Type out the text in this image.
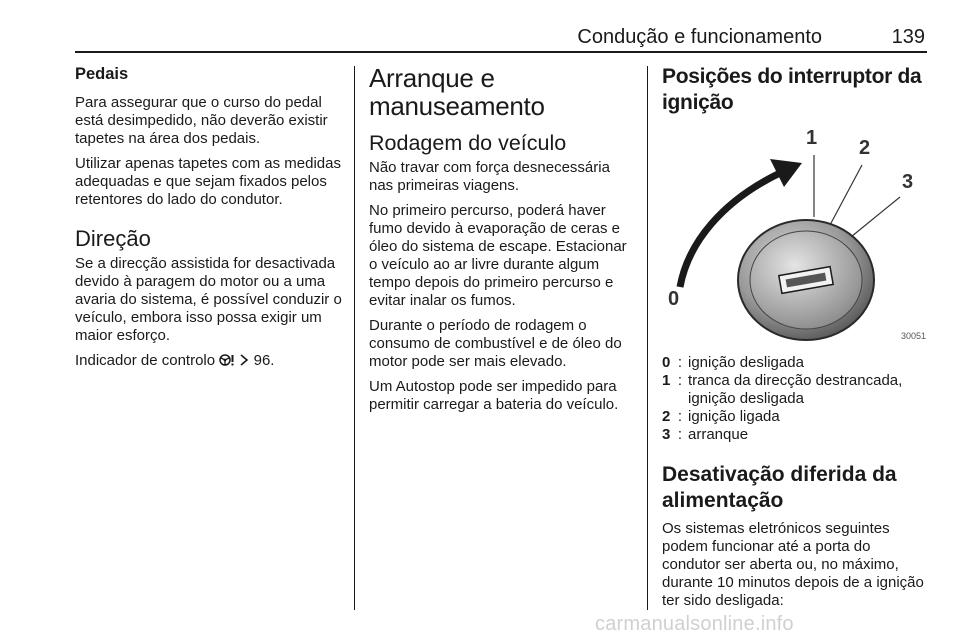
Condução e funcionamento	139
Pedais

Para assegurar que o curso do pedal está desimpedido, não deverão existir tapetes na área dos pedais.

Utilizar apenas tapetes com as medidas adequadas e que sejam fixados pelos retentores do lado do condutor.

Direção

Se a direcção assistida for desactivada devido à paragem do motor ou a uma avaria do sistema, é possível conduzir o veículo, embora isso possa exigir um maior esforço.

Indicador de controlo	96.

Arranque e manuseamento
Rodagem do veículo

Não travar com força desnecessária nas primeiras viagens.

No primeiro percurso, poderá haver fumo devido à evaporação de ceras e óleo do sistema de escape. Estacionar o veículo ao ar livre durante algum tempo depois do primeiro percurso e evitar inalar os fumos.

Durante o período de rodagem o consumo de combustível e de óleo do motor pode ser mais elevado.

Um Autostop pode ser impedido para permitir carregar a bateria do veículo.

Posições do interruptor da ignição
0
1 2
3
30051
0 : ignição desligada
1 : tranca da direcção destrancada, ignição desligada
2 : ignição ligada
3 : arranque
Desativação diferida da alimentação

Os sistemas eletrónicos seguintes podem funcionar até a porta do condutor ser aberta ou, no máximo, durante 10 minutos depois de a ignição ter sido desligada:

carmanualsonline.info
